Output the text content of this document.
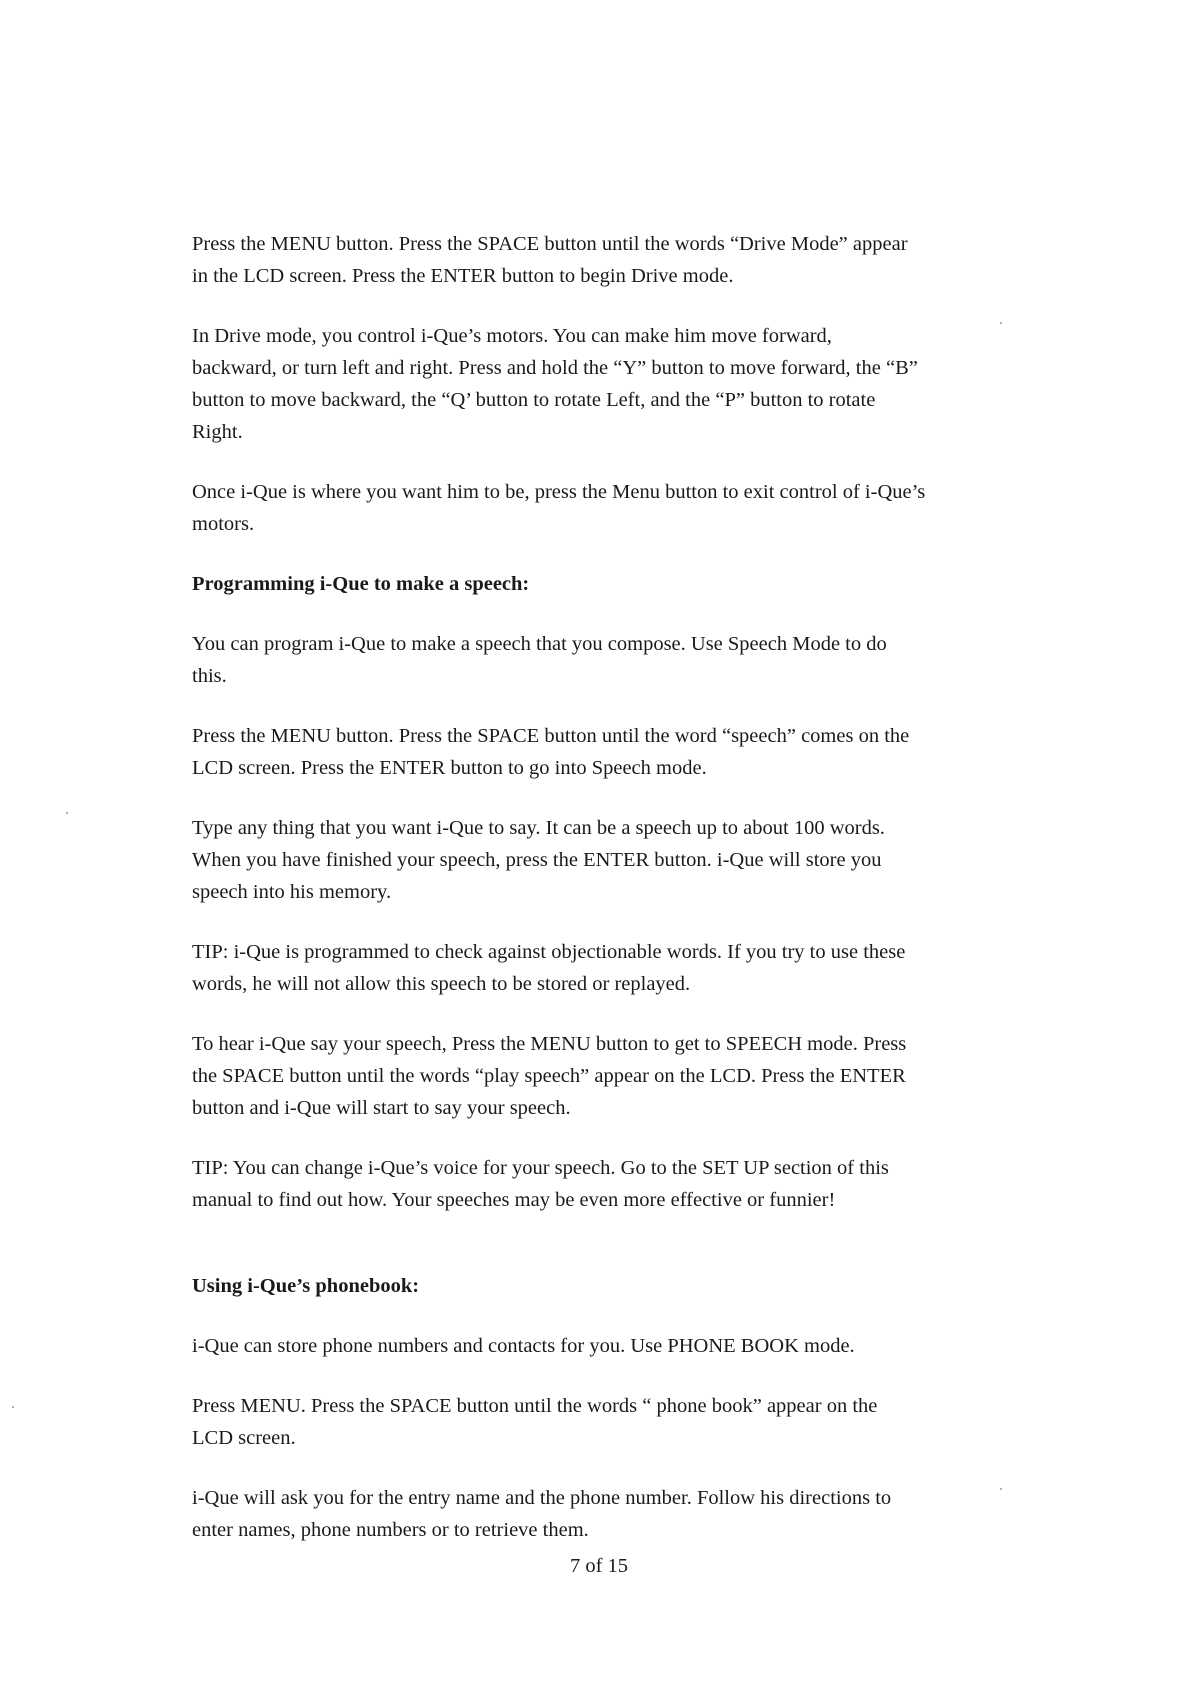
Press the MENU button. Press the SPACE button until the words “Drive Mode” appear
in the LCD screen. Press the ENTER button to begin Drive mode.

In Drive mode, you control i-Que’s motors. You can make him move forward,
backward, or turn left and right. Press and hold the “Y” button to move forward, the “B”
button to move backward, the “Q’ button to rotate Left, and the “P” button to rotate
Right.

Once i-Que is where you want him to be, press the Menu button to exit control of i-Que’s
motors.

Programming i-Que to make a speech:

You can program i-Que to make a speech that you compose. Use Speech Mode to do
this.

Press the MENU button. Press the SPACE button until the word “speech” comes on the
LCD screen. Press the ENTER button to go into Speech mode.

Type any thing that you want i-Que to say. It can be a speech up to about 100 words.
When you have finished your speech, press the ENTER button. i-Que will store you
speech into his memory.

TIP: i-Que is programmed to check against objectionable words. If you try to use these
words, he will not allow this speech to be stored or replayed.

To hear i-Que say your speech, Press the MENU button to get to SPEECH mode. Press
the SPACE button until the words “play speech” appear on the LCD. Press the ENTER
button and i-Que will start to say your speech.

TIP: You can change i-Que’s voice for your speech. Go to the SET UP section of this
manual to find out how. Your speeches may be even more effective or funnier!

Using i-Que’s phonebook:

i-Que can store phone numbers and contacts for you. Use PHONE BOOK mode.

Press MENU. Press the SPACE button until the words “ phone book” appear on the
LCD screen.

i-Que will ask you for the entry name and the phone number. Follow his directions to
enter names, phone numbers or to retrieve them.

7 of 15
